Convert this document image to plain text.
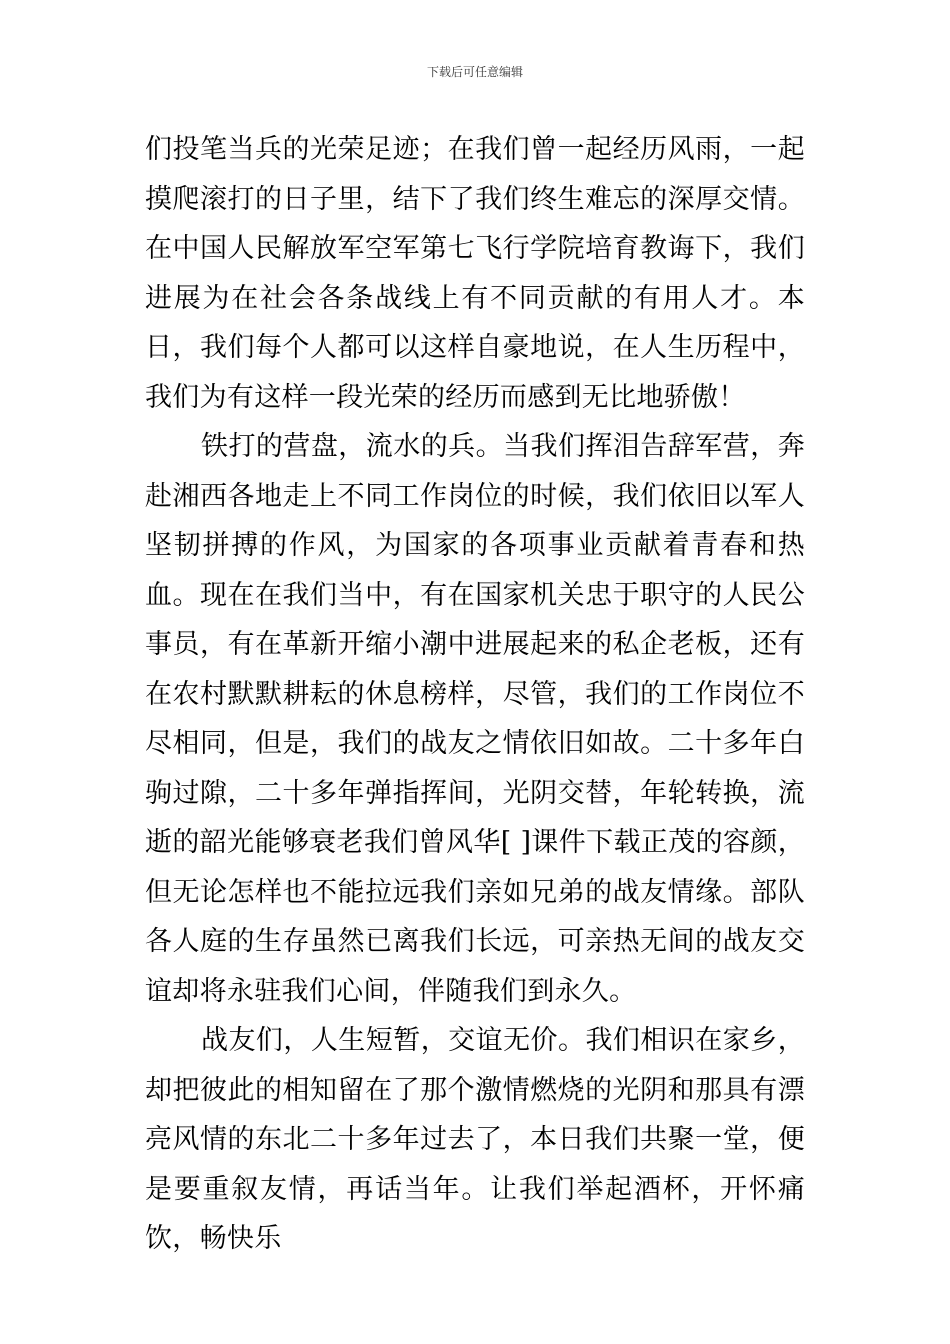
下载后可任意编辑

们投笔当兵的光荣足迹；在我们曾一起经历风雨，一起摸爬滚打的日子里，结下了我们终生难忘的深厚交情。在中国人民解放军空军第七飞行学院培育教诲下，我们进展为在社会各条战线上有不同贡献的有用人才。本日，我们每个人都可以这样自豪地说，在人生历程中，我们为有这样一段光荣的经历而感到无比地骄傲！

铁打的营盘，流水的兵。当我们挥泪告辞军营，奔赴湘西各地走上不同工作岗位的时候，我们依旧以军人坚韧拼搏的作风，为国家的各项事业贡献着青春和热血。现在在我们当中，有在国家机关忠于职守的人民公事员，有在革新开缩小潮中进展起来的私企老板，还有在农村默默耕耘的休息榜样，尽管，我们的工作岗位不尽相同，但是，我们的战友之情依旧如故。二十多年白驹过隙，二十多年弹指挥间，光阴交替，年轮转换，流逝的韶光能够衰老我们曾风华[ ]课件下载正茂的容颜，但无论怎样也不能拉远我们亲如兄弟的战友情缘。部队各人庭的生存虽然已离我们长远，可亲热无间的战友交谊却将永驻我们心间，伴随我们到永久。

战友们，人生短暂，交谊无价。我们相识在家乡，却把彼此的相知留在了那个激情燃烧的光阴和那具有漂亮风情的东北二十多年过去了，本日我们共聚一堂，便是要重叙友情，再话当年。让我们举起酒杯，开怀痛饮，畅快乐
